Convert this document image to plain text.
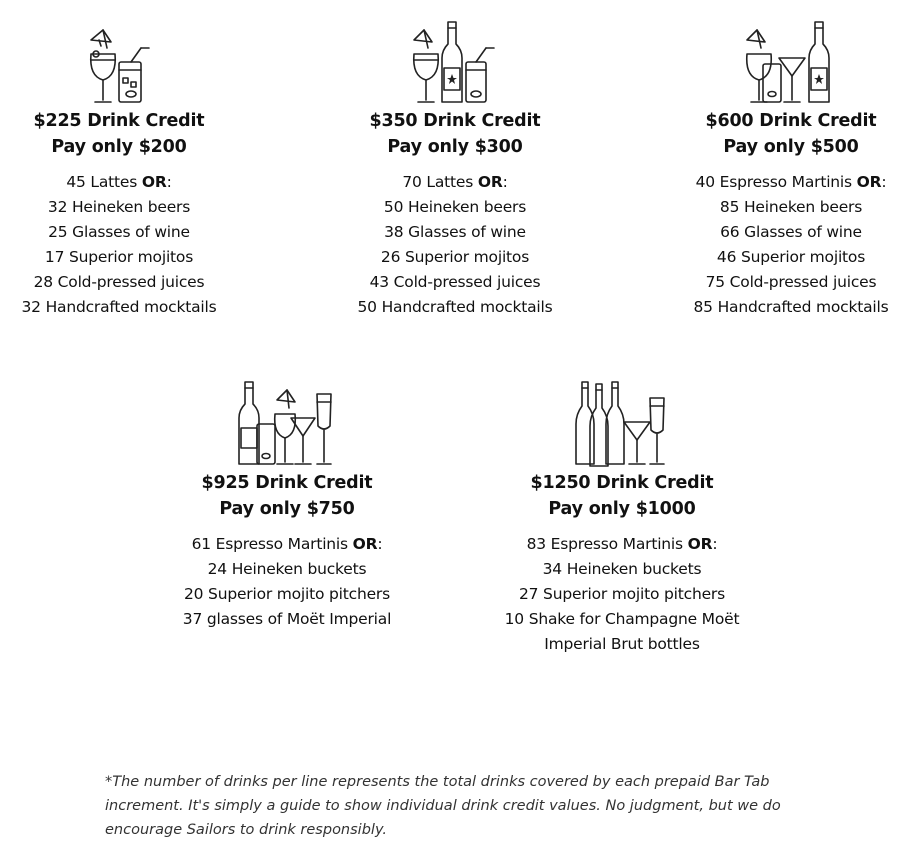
$225 Drink Credit

Pay only $200

45 Lattes OR:
32 Heineken beers
25 Glasses of wine
17 Superior mojitos
28 Cold-pressed juices
32 Handcrafted mocktails

$350 Drink Credit

Pay only $300

70 Lattes OR:
50 Heineken beers
38 Glasses of wine
26 Superior mojitos
43 Cold-pressed juices
50 Handcrafted mocktails

$600 Drink Credit

Pay only $500

40 Espresso Martinis OR:
85 Heineken beers
66 Glasses of wine
46 Superior mojitos
75 Cold-pressed juices
85 Handcrafted mocktails

$925 Drink Credit

Pay only $750

61 Espresso Martinis OR:
24 Heineken buckets
20 Superior mojito pitchers
37 glasses of Moët Imperial

$1250 Drink Credit

Pay only $1000

83 Espresso Martinis OR:
34 Heineken buckets
27 Superior mojito pitchers
10 Shake for Champagne Moët
Imperial Brut bottles

*The number of drinks per line represents the total drinks covered by each prepaid Bar Tab increment. It's simply a guide to show individual drink credit values. No judgment, but we do encourage Sailors to drink responsibly.
